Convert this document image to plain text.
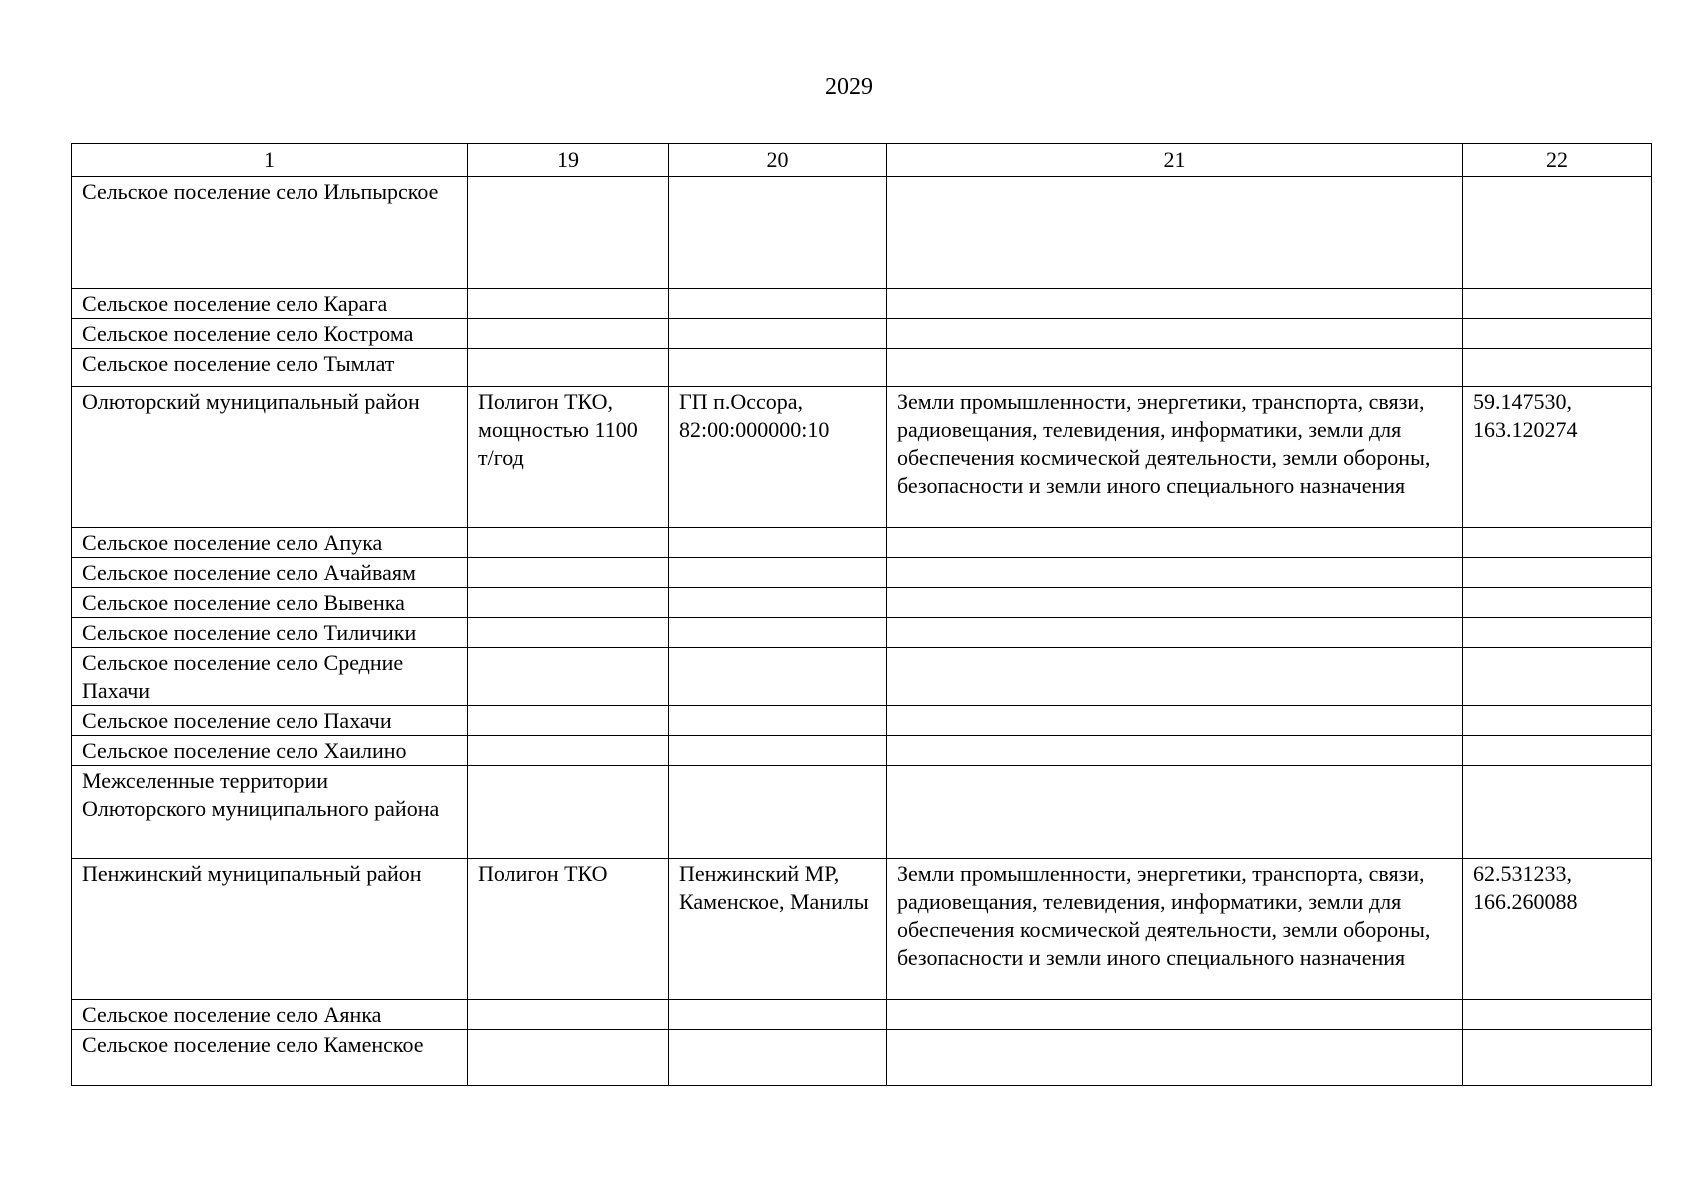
2029
1	19	20	21	22
Сельское поселение село Ильпырское				
Сельское поселение село Карага				
Сельское поселение село Кострома				
Сельское поселение село Тымлат				
Олюторский муниципальный район	Полигон ТКО, мощностью 1100 т/год	ГП п.Оссора, 82:00:000000:10	Земли промышленности, энергетики, транспорта, связи, радиовещания, телевидения, информатики, земли для обеспечения космической деятельности, земли обороны, безопасности и земли иного специального назначения	59.147530, 163.120274
Сельское поселение село Апука				
Сельское поселение село Ачайваям				
Сельское поселение село Вывенка				
Сельское поселение село Тиличики				
Сельское поселение село Средние Пахачи				
Сельское поселение село Пахачи				
Сельское поселение село Хаилино				
Межселенные территории Олюторского муниципального района				
Пенжинский муниципальный район	Полигон ТКО	Пенжинский МР, Каменское, Манилы	Земли промышленности, энергетики, транспорта, связи, радиовещания, телевидения, информатики, земли для обеспечения космической деятельности, земли обороны, безопасности и земли иного специального назначения	62.531233, 166.260088
Сельское поселение село Аянка				
Сельское поселение село Каменское				
